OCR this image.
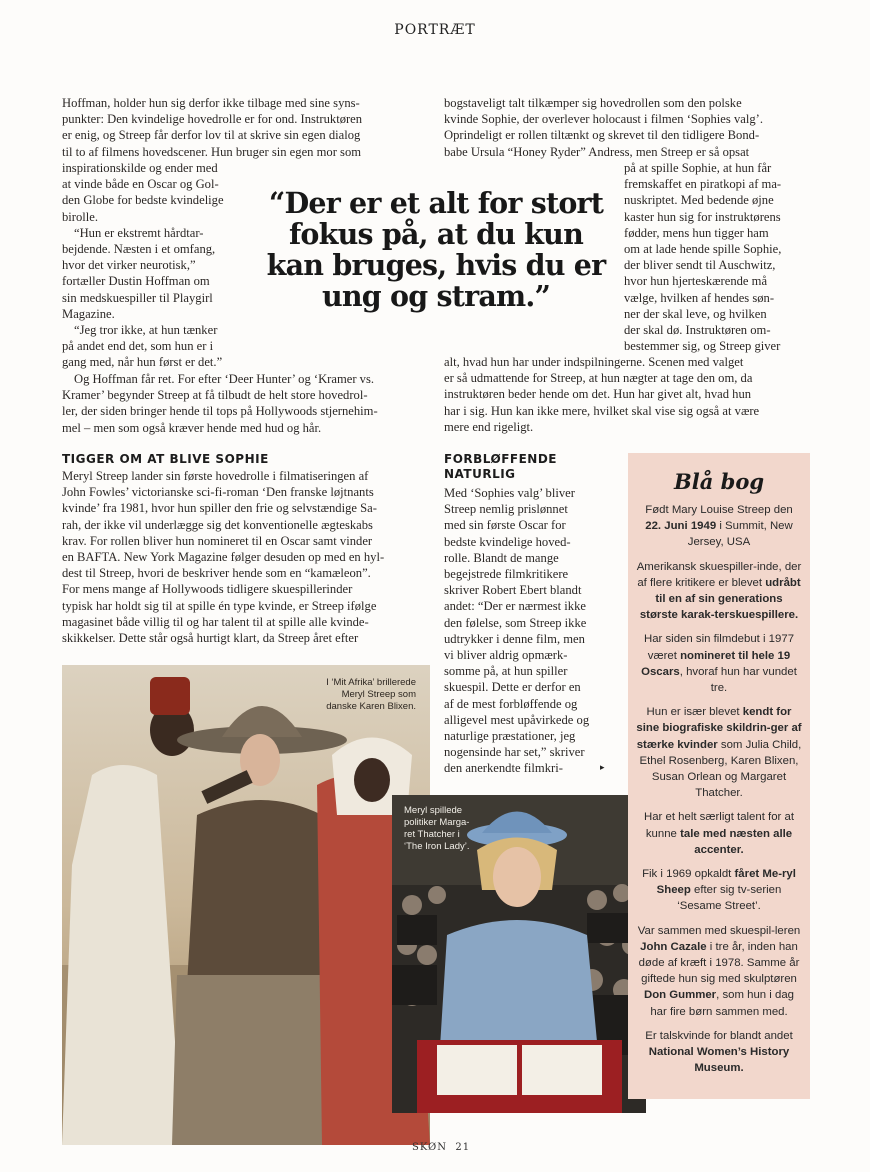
PORTRÆT
Hoffman, holder hun sig derfor ikke tilbage med sine syns-
punkter: Den kvindelige hovedrolle er for ond. Instruktøren
er enig, og Streep får derfor lov til at skrive sin egen dialog
til to af filmens hovedscener. Hun bruger sin egen mor som
inspirationskilde og ender med
at vinde både en Oscar og Gol-
den Globe for bedste kvindelige
birolle.
“Hun er ekstremt hårdtar-
bejdende. Næsten i et omfang,
hvor det virker neurotisk,”
fortæller Dustin Hoffman om
sin medskuespiller til Playgirl
Magazine.
“Jeg tror ikke, at hun tænker
på andet end det, som hun er i
gang med, når hun først er det.”
Og Hoffman får ret. For efter ‘Deer Hunter’ og ‘Kramer vs.
Kramer’ begynder Streep at få tilbudt de helt store hovedrol-
ler, der siden bringer hende til tops på Hollywoods stjernehim-
mel – men som også kræver hende med hud og hår.
bogstaveligt talt tilkæmper sig hovedrollen som den polske
kvinde Sophie, der overlever holocaust i filmen ‘Sophies valg’.
Oprindeligt er rollen tiltænkt og skrevet til den tidligere Bond-
babe Ursula “Honey Ryder” Andress, men Streep er så opsat
på at spille Sophie, at hun får
fremskaffet en piratkopi af ma-
nuskriptet. Med bedende øjne
kaster hun sig for instruktørens
fødder, mens hun tigger ham
om at lade hende spille Sophie,
der bliver sendt til Auschwitz,
hvor hun hjerteskærende må
vælge, hvilken af hendes søn-
ner der skal leve, og hvilken
der skal dø. Instruktøren om-
bestemmer sig, og Streep giver
alt, hvad hun har under indspilningerne. Scenen med valget
er så udmattende for Streep, at hun nægter at tage den om, da
instruktøren beder hende om det. Hun har givet alt, hvad hun
har i sig. Hun kan ikke mere, hvilket skal vise sig også at være
mere end rigeligt.
“Der er et alt for stort
fokus på, at du kun
kan bruges, hvis du er
ung og stram.”
TIGGER OM AT BLIVE SOPHIE
Meryl Streep lander sin første hovedrolle i filmatiseringen af
John Fowles’ victorianske sci-fi-roman ‘Den franske løjtnants
kvinde’ fra 1981, hvor hun spiller den frie og selvstændige Sa-
rah, der ikke vil underlægge sig det konventionelle ægteskabs
krav. For rollen bliver hun nomineret til en Oscar samt vinder
en BAFTA. New York Magazine følger desuden op med en hyl-
dest til Streep, hvori de beskriver hende som en “kamæleon”.
For mens mange af Hollywoods tidligere skuespillerinder
typisk har holdt sig til at spille én type kvinde, er Streep ifølge
magasinet både villig til og har talent til at spille alle kvinde-
skikkelser. Dette står også hurtigt klart, da Streep året efter
FORBLØFFENDE
NATURLIG
Med ‘Sophies valg’ bliver
Streep nemlig prislønnet
med sin første Oscar for
bedste kvindelige hoved-
rolle. Blandt de mange
begejstrede filmkritikere
skriver Robert Ebert blandt
andet: “Der er nærmest ikke
den følelse, som Streep ikke
udtrykker i denne film, men
vi bliver aldrig opmærk-
somme på, at hun spiller
skuespil. Dette er derfor en
af de mest forbløffende og
alligevel mest upåvirkede og
naturlige præstationer, jeg
nogensinde har set,” skriver
den anerkendte filmkri-	▸
I ‘Mit Afrika’ brillerede
Meryl Streep som
danske Karen Blixen.
Meryl spillede
politiker Marga-
ret Thatcher i
‘The Iron Lady’.
Blå bog

Født Mary Louise Streep den 22. Juni 1949 i Summit, New Jersey, USA

Amerikansk skuespiller-inde, der af flere kritikere er blevet udråbt til en af sin generations største karak-terskuespillere.

Har siden sin filmdebut i 1977 været nomineret til hele 19 Oscars, hvoraf hun har vundet tre.

Hun er især blevet kendt for sine biografiske skildrin-ger af stærke kvinder som Julia Child, Ethel Rosenberg, Karen Blixen, Susan Orlean og Margaret Thatcher.

Har et helt særligt talent for at kunne tale med næsten alle accenter.

Fik i 1969 opkaldt fåret Me-ryl Sheep efter sig tv-serien ‘Sesame Street’.

Var sammen med skuespil-leren John Cazale i tre år, inden han døde af kræft i 1978. Samme år giftede hun sig med skulptøren Don Gummer, som hun i dag har fire børn sammen med.

Er talskvinde for blandt andet National Women’s History Museum.

SKØN 21
